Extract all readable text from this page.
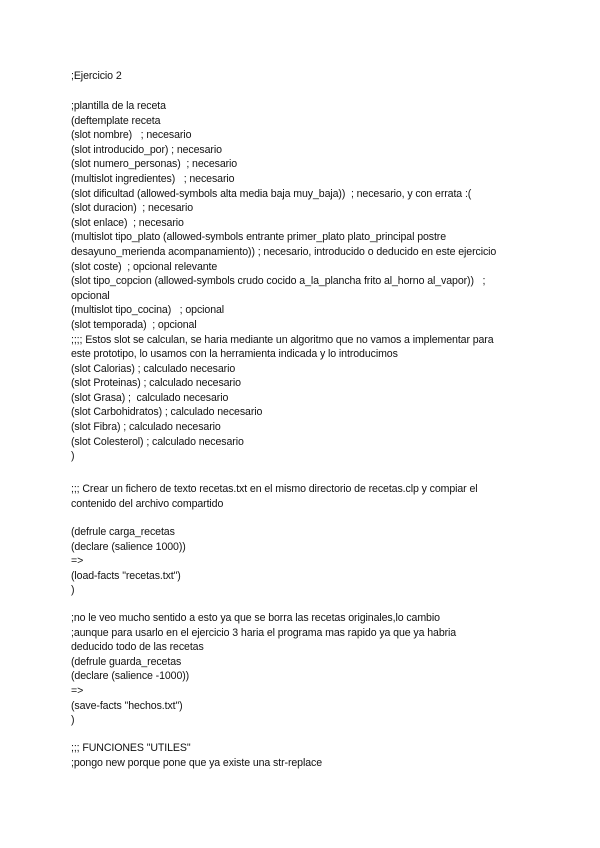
;Ejercicio 2
;plantilla de la receta
(deftemplate receta
(slot nombre)   ; necesario
(slot introducido_por) ; necesario
(slot numero_personas)  ; necesario
(multislot ingredientes)   ; necesario
(slot dificultad (allowed-symbols alta media baja muy_baja))  ; necesario, y con errata :(
(slot duracion)  ; necesario
(slot enlace)  ; necesario
(multislot tipo_plato (allowed-symbols entrante primer_plato plato_principal postre
desayuno_merienda acompanamiento)) ; necesario, introducido o deducido en este ejercicio
(slot coste)  ; opcional relevante
(slot tipo_copcion (allowed-symbols crudo cocido a_la_plancha frito al_horno al_vapor))   ;
opcional
(multislot tipo_cocina)   ; opcional
(slot temporada)  ; opcional
;;;; Estos slot se calculan, se haria mediante un algoritmo que no vamos a implementar para
este prototipo, lo usamos con la herramienta indicada y lo introducimos
(slot Calorias) ; calculado necesario
(slot Proteinas) ; calculado necesario
(slot Grasa) ;  calculado necesario
(slot Carbohidratos) ; calculado necesario
(slot Fibra) ; calculado necesario
(slot Colesterol) ; calculado necesario
)
;;; Crear un fichero de texto recetas.txt en el mismo directorio de recetas.clp y compiar el
contenido del archivo compartido
(defrule carga_recetas
(declare (salience 1000))
=>
(load-facts "recetas.txt")
)
;no le veo mucho sentido a esto ya que se borra las recetas originales,lo cambio
;aunque para usarlo en el ejercicio 3 haria el programa mas rapido ya que ya habria
deducido todo de las recetas
(defrule guarda_recetas
(declare (salience -1000))
=>
(save-facts "hechos.txt")
)
;;; FUNCIONES "UTILES"
;pongo new porque pone que ya existe una str-replace
